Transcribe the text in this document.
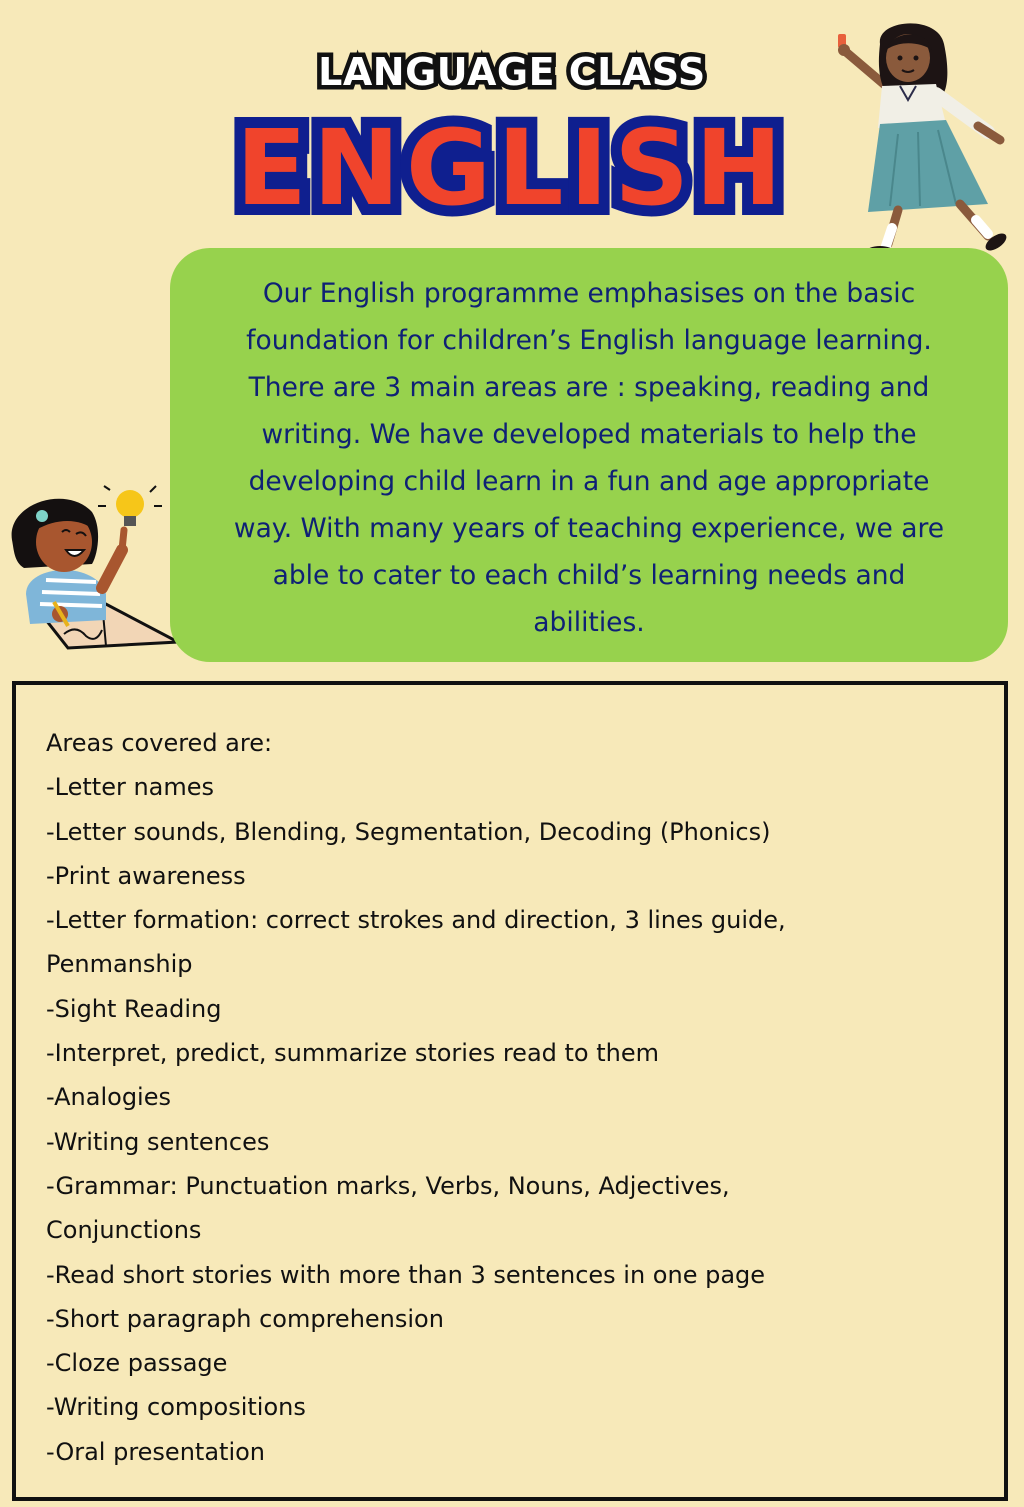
LANGUAGE CLASS
ENGLISH
Our English programme emphasises on the basic
foundation for children’s English language learning.
There are 3 main areas are : speaking, reading and
writing. We have developed materials to help the
developing child learn in a fun and age appropriate
way. With many years of teaching experience, we are
able to cater to each child’s learning needs and
abilities.
Areas covered are:
-Letter names
-Letter sounds, Blending, Segmentation, Decoding (Phonics)
-Print awareness
-Letter formation: correct strokes and direction, 3 lines guide,
Penmanship
-Sight Reading
-Interpret, predict, summarize stories read to them
-Analogies
-Writing sentences
-Grammar: Punctuation marks, Verbs, Nouns, Adjectives,
Conjunctions
-Read short stories with more than 3 sentences in one page
-Short paragraph comprehension
-Cloze passage
-Writing compositions
-Oral presentation
